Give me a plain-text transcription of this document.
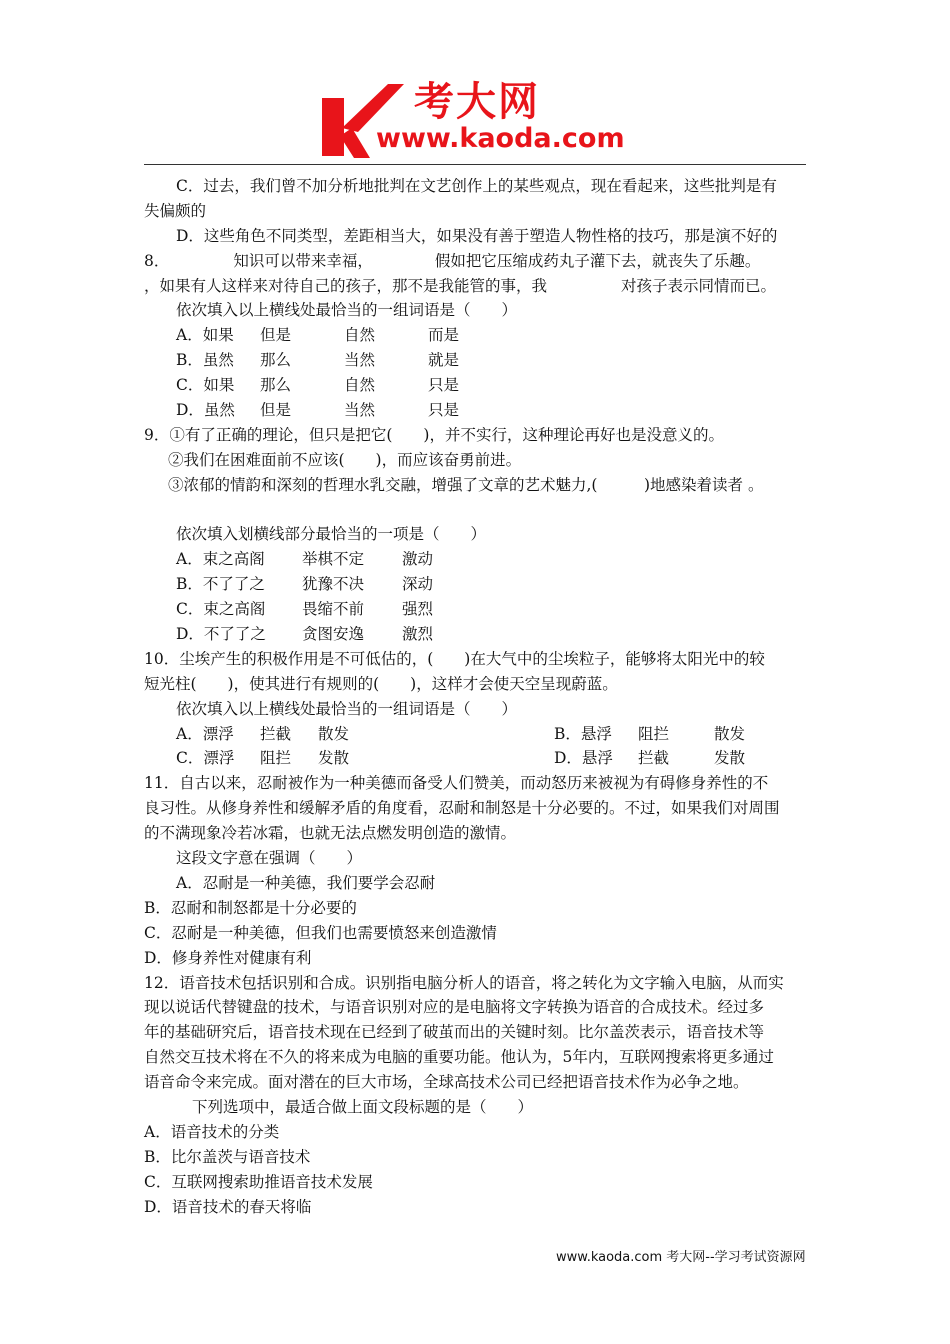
考大网
www.kaoda.com
C．过去，我们曾不加分析地批判在文艺创作上的某些观点，现在看起来，这些批判是有
失偏颇的
D．这些角色不同类型，差距相当大，如果没有善于塑造人物性格的技巧，那是演不好的
8．	知识可以带来幸福，	假如把它压缩成药丸子灌下去，就丧失了乐趣。
，如果有人这样来对待自己的孩子，那不是我能管的事，我	对孩子表示同情而已。
依次填入以上横线处最恰当的一组词语是（　　）
A．如果 但是	自然	而是
B．虽然 那么	当然	就是
C．如果 那么	自然	只是
D．虽然 但是	当然	只是
9．①有了正确的理论，但只是把它(　　)，并不实行，这种理论再好也是没意义的。
②我们在困难面前不应该(　　)，而应该奋勇前进。
③浓郁的情韵和深刻的哲理水乳交融，增强了文章的艺术魅力,(　　　)地感染着读者 。
依次填入划横线部分最恰当的一项是（　　）
A．束之高阁 举棋不定 激动
B．不了了之 犹豫不决 深动
C．束之高阁 畏缩不前 强烈
D．不了了之 贪图安逸 激烈
10．尘埃产生的积极作用是不可低估的，(　　)在大气中的尘埃粒子，能够将太阳光中的较
短光柱(　　)，使其进行有规则的(　　)，这样才会使天空呈现蔚蓝。
依次填入以上横线处最恰当的一组词语是（　　）
A．漂浮 拦截 散发	B．悬浮 阻拦	散发
C．漂浮 阻拦 发散	D．悬浮 拦截	发散
11．自古以来，忍耐被作为一种美德而备受人们赞美，而动怒历来被视为有碍修身养性的不
良习性。从修身养性和缓解矛盾的角度看，忍耐和制怒是十分必要的。不过，如果我们对周围
的不满现象冷若冰霜，也就无法点燃发明创造的激情。
这段文字意在强调（　　）
A．忍耐是一种美德，我们要学会忍耐
B．忍耐和制怒都是十分必要的
C．忍耐是一种美德，但我们也需要愤怒来创造激情
D．修身养性对健康有利
12．语音技术包括识别和合成。识别指电脑分析人的语音，将之转化为文字输入电脑，从而实
现以说话代替键盘的技术，与语音识别对应的是电脑将文字转换为语音的合成技术。经过多
年的基础研究后，语音技术现在已经到了破茧而出的关键时刻。比尔盖茨表示，语音技术等
自然交互技术将在不久的将来成为电脑的重要功能。他认为，5年内，互联网搜索将更多通过
语音命令来完成。面对潜在的巨大市场，全球高技术公司已经把语音技术作为必争之地。
下列选项中，最适合做上面文段标题的是（　　）
A．语音技术的分类
B．比尔盖茨与语音技术
C．互联网搜索助推语音技术发展
D．语音技术的春天将临
www.kaoda.com 考大网--学习考试资源网
